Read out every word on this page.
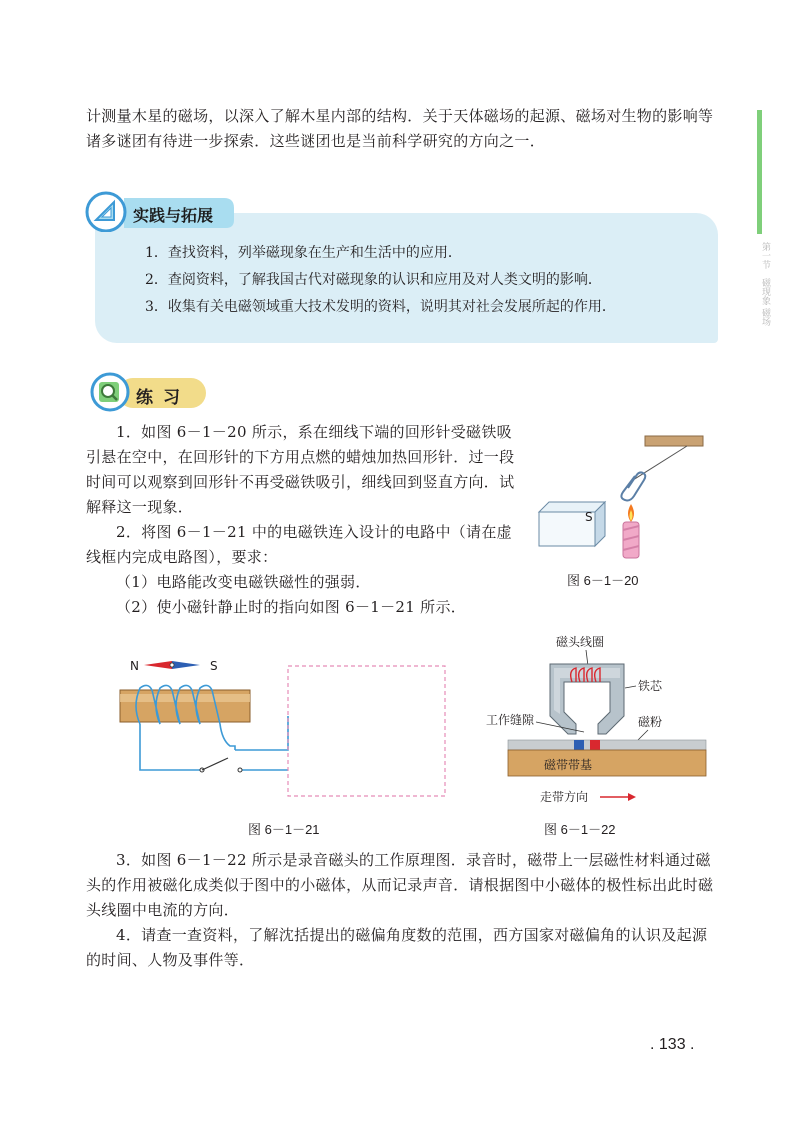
第一节　磁现象 磁场

计测量木星的磁场，以深入了解木星内部的结构．关于天体磁场的起源、磁场对生物的影响等诸多谜团有待进一步探索．这些谜团也是当前科学研究的方向之一．

实践与拓展
1．查找资料，列举磁现象在生产和生活中的应用．
2．查阅资料，了解我国古代对磁现象的认识和应用及对人类文明的影响．
3．收集有关电磁领域重大技术发明的资料，说明其对社会发展所起的作用．
练习

1．如图 6－1－20 所示，系在细线下端的回形针受磁铁吸引悬在空中，在回形针的下方用点燃的蜡烛加热回形针．过一段时间可以观察到回形针不再受磁铁吸引，细线回到竖直方向．试解释这一现象．

2．将图 6－1－21 中的电磁铁连入设计的电路中（请在虚线框内完成电路图），要求：

（1）电路能改变电磁铁磁性的强弱．

（2）使小磁针静止时的指向如图 6－1－21 所示．

S
图 6－1－20
N	S
图 6－1－21
磁头线圈
铁芯
工作缝隙	磁粉
磁带带基
走带方向
图 6－1－22

3．如图 6－1－22 所示是录音磁头的工作原理图．录音时，磁带上一层磁性材料通过磁头的作用被磁化成类似于图中的小磁体，从而记录声音．请根据图中小磁体的极性标出此时磁头线圈中电流的方向．

4．请查一查资料，了解沈括提出的磁偏角度数的范围，西方国家对磁偏角的认识及起源的时间、人物及事件等．

. 133 .
